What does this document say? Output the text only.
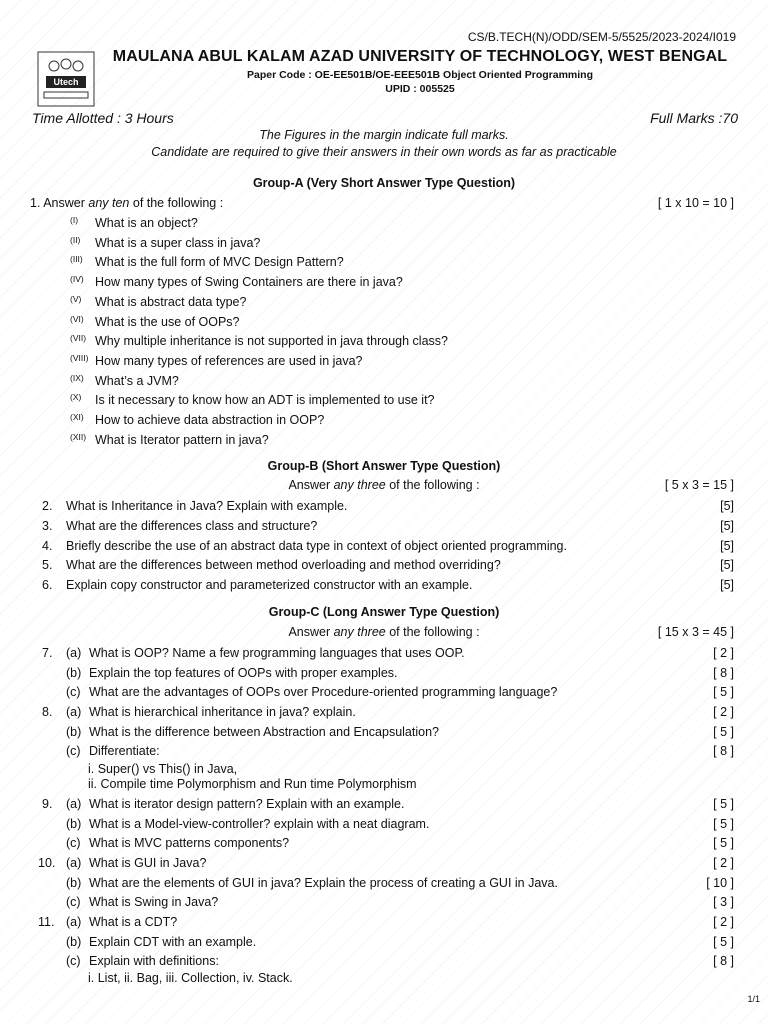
CS/B.TECH(N)/ODD/SEM-5/5525/2023-2024/I019
Utech
MAULANA ABUL KALAM AZAD UNIVERSITY OF TECHNOLOGY, WEST BENGAL
Paper Code : OE-EE501B/OE-EEE501B Object Oriented Programming
UPID : 005525
Time Allotted : 3 Hours	Full Marks :70
The Figures in the margin indicate full marks.
Candidate are required to give their answers in their own words as far as practicable
Group-A (Very Short Answer Type Question)
1. Answer any ten of the following :	[ 1 x 10 = 10 ]
(I) What is an object?
(II) What is a super class in java?
(III) What is the full form of MVC Design Pattern?
(IV) How many types of Swing Containers are there in java?
(V) What is abstract data type?
(VI) What is the use of OOPs?
(VII) Why multiple inheritance is not supported in java through class?
(VIII) How many types of references are used in java?
(IX) What’s a JVM?
(X) Is it necessary to know how an ADT is implemented to use it?
(XI) How to achieve data abstraction in OOP?
(XII) What is Iterator pattern in java?
Group-B (Short Answer Type Question)
Answer any three of the following :	[ 5 x 3 = 15 ]
2. What is Inheritance in Java? Explain with example.	[5]
3. What are the differences class and structure?	[5]
4. Briefly describe the use of an abstract data type in context of object oriented programming.	[5]
5. What are the differences between method overloading and method overriding?	[5]
6. Explain copy constructor and parameterized constructor with an example.	[5]
Group-C (Long Answer Type Question)
Answer any three of the following :	[ 15 x 3 = 45 ]
7. (a) What is OOP? Name a few programming languages that uses OOP.	[ 2 ]
(b) Explain the top features of OOPs with proper examples.	[ 8 ]
(c) What are the advantages of OOPs over Procedure-oriented programming language?	[ 5 ]
8. (a) What is hierarchical inheritance in java? explain.	[ 2 ]
(b) What is the difference between Abstraction and Encapsulation?	[ 5 ]
(c) Differentiate:	[ 8 ]
i. Super() vs This() in Java,
ii. Compile time Polymorphism and Run time Polymorphism
9. (a) What is iterator design pattern? Explain with an example.	[ 5 ]
(b) What is a Model-view-controller? explain with a neat diagram.	[ 5 ]
(c) What is MVC patterns components?	[ 5 ]
10. (a) What is GUI in Java?	[ 2 ]
(b) What are the elements of GUI in java? Explain the process of creating a GUI in Java.	[ 10 ]
(c) What is Swing in Java?	[ 3 ]
11. (a) What is a CDT?	[ 2 ]
(b) Explain CDT with an example.	[ 5 ]
(c) Explain with definitions:	[ 8 ]
i. List, ii. Bag, iii. Collection, iv. Stack.
1/1
